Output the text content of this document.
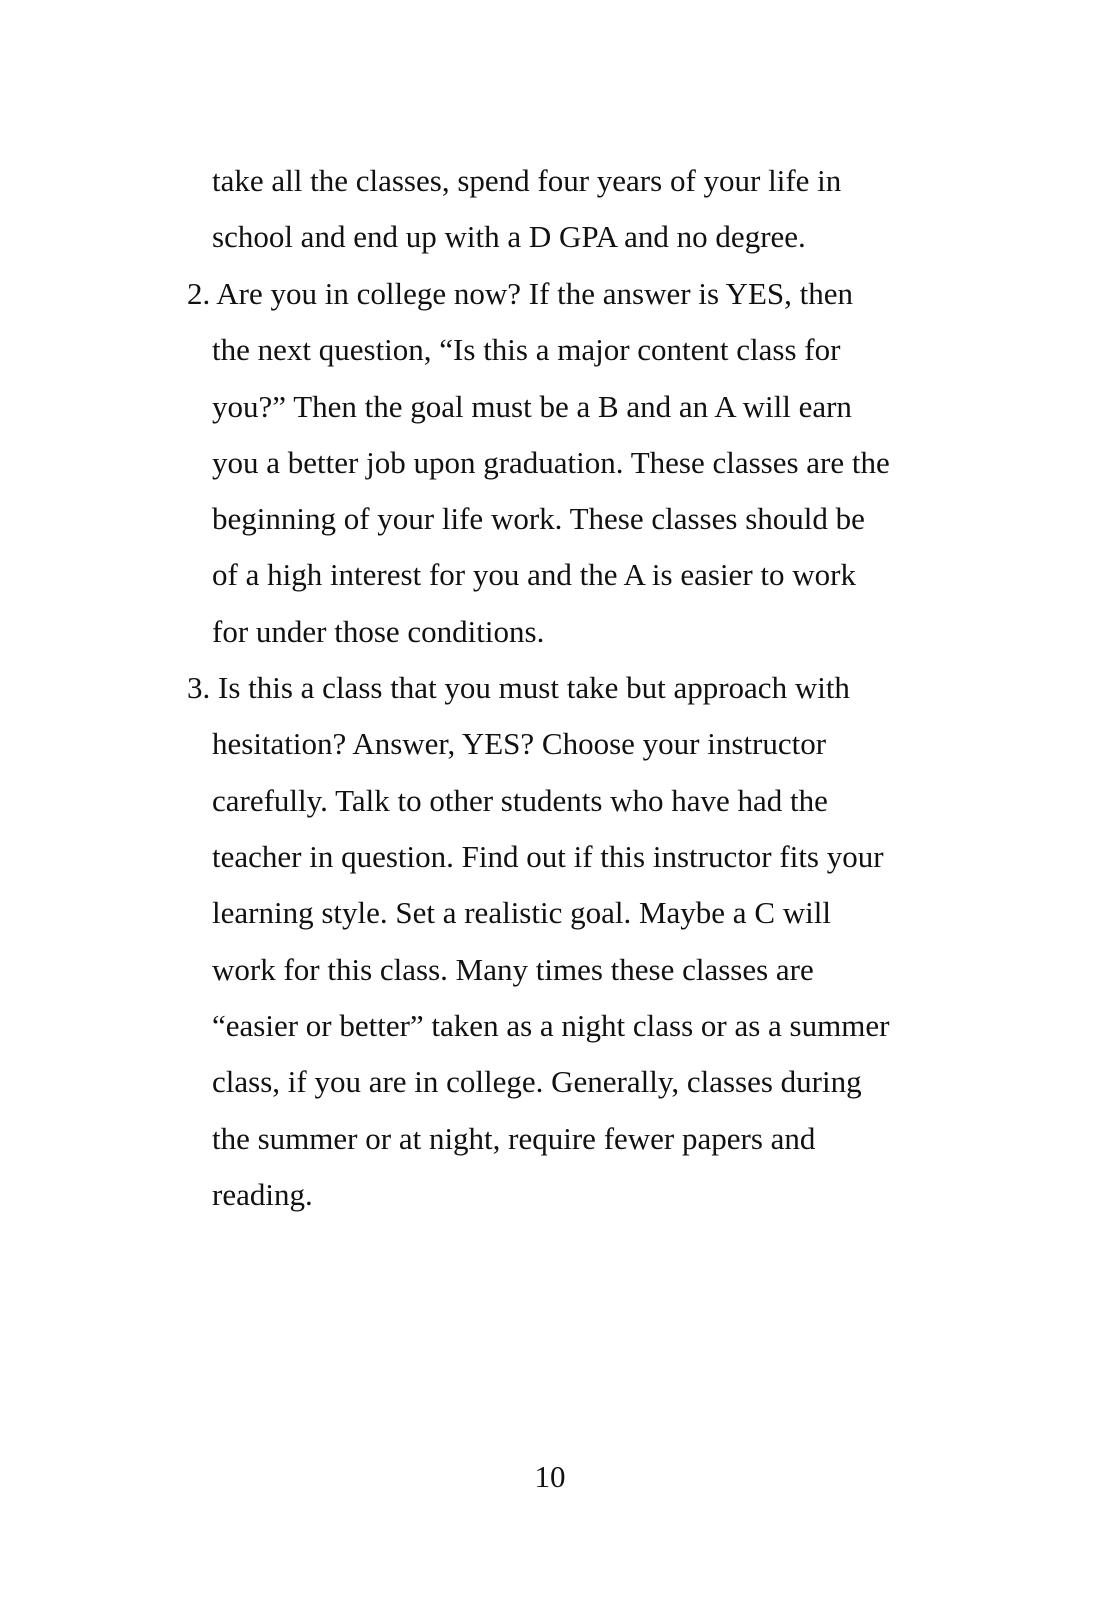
take all the classes, spend four years of your life in
school and end up with a D GPA and no degree.
2. Are you in college now? If the answer is YES, then
the next question, “Is this a major content class for
you?” Then the goal must be a B and an A will earn
you a better job upon graduation. These classes are the
beginning of your life work. These classes should be
of a high interest for you and the A is easier to work
for under those conditions.
3. Is this a class that you must take but approach with
hesitation? Answer, YES? Choose your instructor
carefully. Talk to other students who have had the
teacher in question. Find out if this instructor fits your
learning style. Set a realistic goal. Maybe a C will
work for this class. Many times these classes are
“easier or better” taken as a night class or as a summer
class, if you are in college. Generally, classes during
the summer or at night, require fewer papers and
reading.
10
